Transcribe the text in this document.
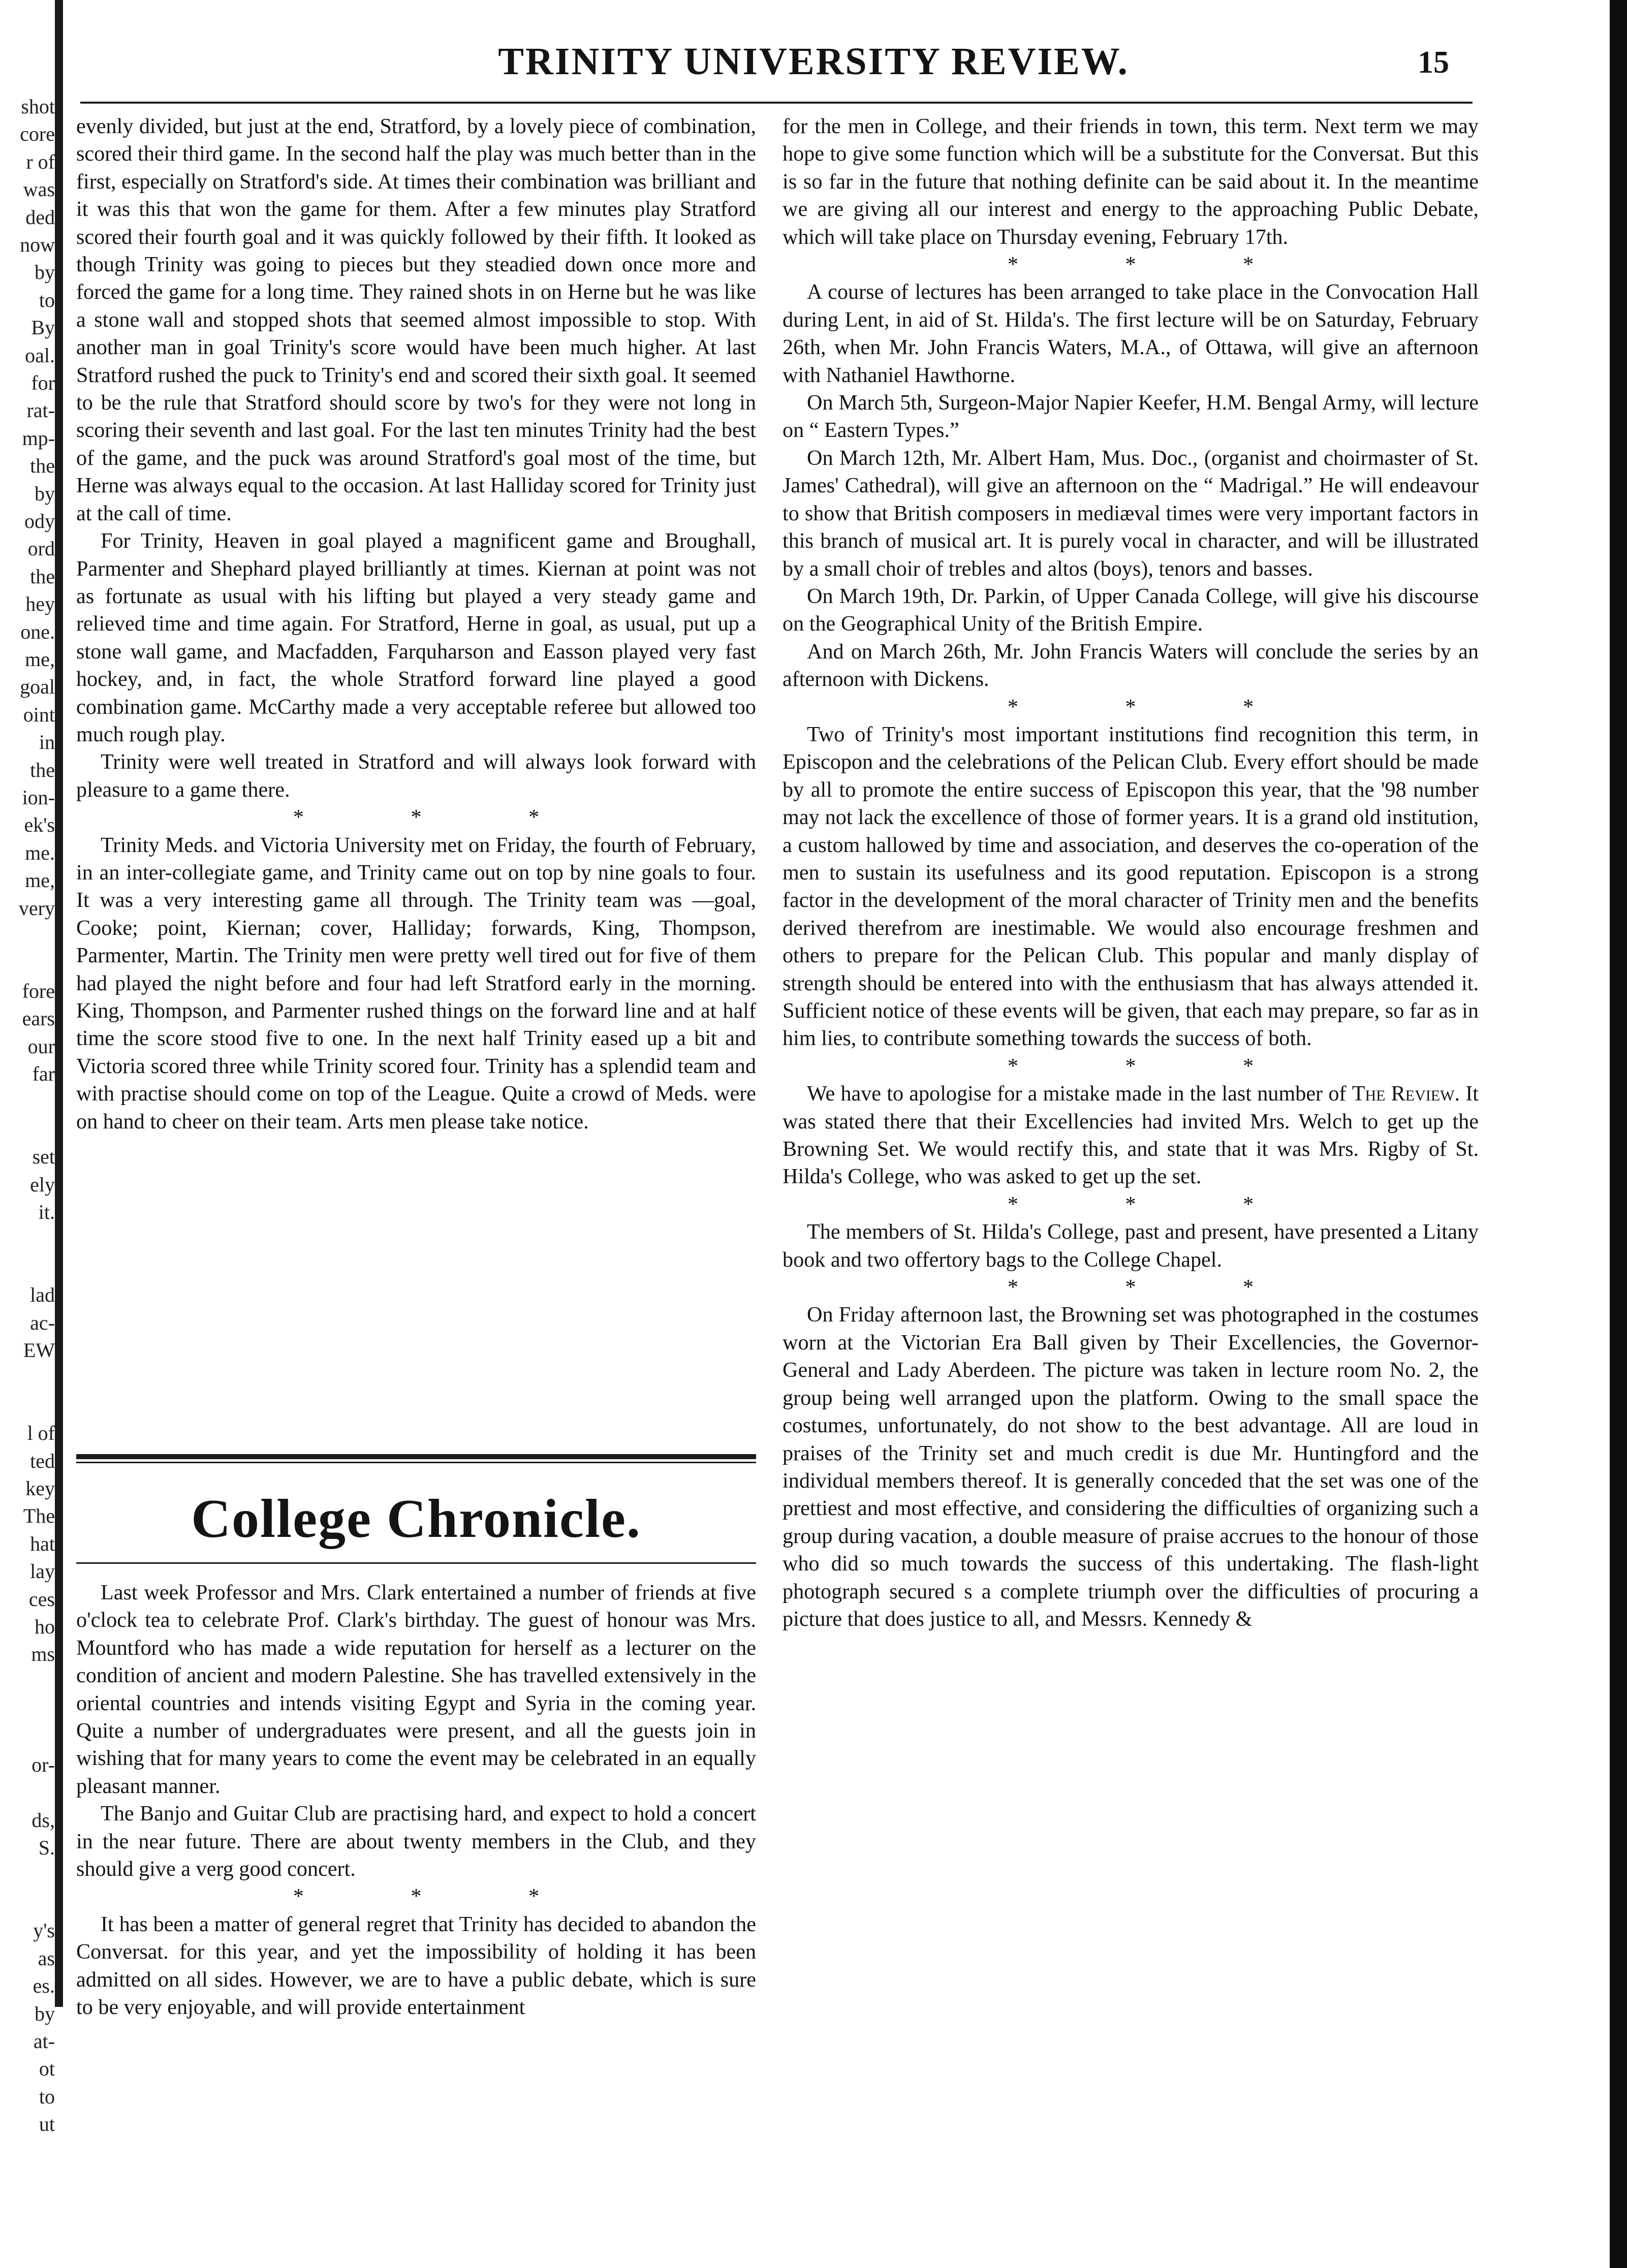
shot
core
r of
was
ded
now
by
to
By
oal.
for
rat-
mp-
the
by
ody
ord
the
hey
one.
me,
goal
oint
in
the
ion-
ek's
me.
me,
very
fore
ears
our
far
set
ely
it.
lad
ac-
EW
l of
ted
key
The
hat
lay
ces
ho
ms
or-
ds,
S.
y's
as
es.
by
at-
ot
to
ut
TRINITY UNIVERSITY REVIEW.	15

evenly divided, but just at the end, Stratford, by a lovely piece of combination, scored their third game. In the second half the play was much better than in the first, especially on Stratford's side. At times their combination was brilliant and it was this that won the game for them. After a few minutes play Stratford scored their fourth goal and it was quickly followed by their fifth. It looked as though Trinity was going to pieces but they steadied down once more and forced the game for a long time. They rained shots in on Herne but he was like a stone wall and stopped shots that seemed almost impossible to stop. With another man in goal Trinity's score would have been much higher. At last Stratford rushed the puck to Trinity's end and scored their sixth goal. It seemed to be the rule that Stratford should score by two's for they were not long in scoring their seventh and last goal. For the last ten minutes Trinity had the best of the game, and the puck was around Stratford's goal most of the time, but Herne was always equal to the occasion. At last Halliday scored for Trinity just at the call of time.

For Trinity, Heaven in goal played a magnificent game and Broughall, Parmenter and Shephard played brilliantly at times. Kiernan at point was not as fortunate as usual with his lifting but played a very steady game and relieved time and time again. For Stratford, Herne in goal, as usual, put up a stone wall game, and Macfadden, Farquharson and Easson played very fast hockey, and, in fact, the whole Stratford forward line played a good combination game. McCarthy made a very acceptable referee but allowed too much rough play.

Trinity were well treated in Stratford and will always look forward with pleasure to a game there.

* * *

Trinity Meds. and Victoria University met on Friday, the fourth of February, in an inter-collegiate game, and Trinity came out on top by nine goals to four. It was a very interesting game all through. The Trinity team was —goal, Cooke; point, Kiernan; cover, Halliday; forwards, King, Thompson, Parmenter, Martin. The Trinity men were pretty well tired out for five of them had played the night before and four had left Stratford early in the morning. King, Thompson, and Parmenter rushed things on the forward line and at half time the score stood five to one. In the next half Trinity eased up a bit and Victoria scored three while Trinity scored four. Trinity has a splendid team and with practise should come on top of the League. Quite a crowd of Meds. were on hand to cheer on their team. Arts men please take notice.

College Chronicle.

Last week Professor and Mrs. Clark entertained a number of friends at five o'clock tea to celebrate Prof. Clark's birthday. The guest of honour was Mrs. Mountford who has made a wide reputation for herself as a lecturer on the condition of ancient and modern Palestine. She has travelled extensively in the oriental countries and intends visiting Egypt and Syria in the coming year. Quite a number of undergraduates were present, and all the guests join in wishing that for many years to come the event may be celebrated in an equally pleasant manner.

The Banjo and Guitar Club are practising hard, and expect to hold a concert in the near future. There are about twenty members in the Club, and they should give a verg good concert.

* * *

It has been a matter of general regret that Trinity has decided to abandon the Conversat. for this year, and yet the impossibility of holding it has been admitted on all sides. However, we are to have a public debate, which is sure to be very enjoyable, and will provide entertainment

for the men in College, and their friends in town, this term. Next term we may hope to give some function which will be a substitute for the Conversat. But this is so far in the future that nothing definite can be said about it. In the meantime we are giving all our interest and energy to the approaching Public Debate, which will take place on Thursday evening, February 17th.

* * *

A course of lectures has been arranged to take place in the Convocation Hall during Lent, in aid of St. Hilda's. The first lecture will be on Saturday, February 26th, when Mr. John Francis Waters, M.A., of Ottawa, will give an afternoon with Nathaniel Hawthorne.

On March 5th, Surgeon-Major Napier Keefer, H.M. Bengal Army, will lecture on “ Eastern Types.”

On March 12th, Mr. Albert Ham, Mus. Doc., (organist and choirmaster of St. James' Cathedral), will give an afternoon on the “ Madrigal.” He will endeavour to show that British composers in mediæval times were very important factors in this branch of musical art. It is purely vocal in character, and will be illustrated by a small choir of trebles and altos (boys), tenors and basses.

On March 19th, Dr. Parkin, of Upper Canada College, will give his discourse on the Geographical Unity of the British Empire.

And on March 26th, Mr. John Francis Waters will conclude the series by an afternoon with Dickens.

* * *

Two of Trinity's most important institutions find recognition this term, in Episcopon and the celebrations of the Pelican Club. Every effort should be made by all to promote the entire success of Episcopon this year, that the '98 number may not lack the excellence of those of former years. It is a grand old institution, a custom hallowed by time and association, and deserves the co-operation of the men to sustain its usefulness and its good reputation. Episcopon is a strong factor in the development of the moral character of Trinity men and the benefits derived therefrom are inestimable. We would also encourage freshmen and others to prepare for the Pelican Club. This popular and manly display of strength should be entered into with the enthusiasm that has always attended it. Sufficient notice of these events will be given, that each may prepare, so far as in him lies, to contribute something towards the success of both.

* * *

We have to apologise for a mistake made in the last number of The Review. It was stated there that their Excellencies had invited Mrs. Welch to get up the Browning Set. We would rectify this, and state that it was Mrs. Rigby of St. Hilda's College, who was asked to get up the set.

* * *

The members of St. Hilda's College, past and present, have presented a Litany book and two offertory bags to the College Chapel.

* * *

On Friday afternoon last, the Browning set was photographed in the costumes worn at the Victorian Era Ball given by Their Excellencies, the Governor-General and Lady Aberdeen. The picture was taken in lecture room No. 2, the group being well arranged upon the platform. Owing to the small space the costumes, unfortunately, do not show to the best advantage. All are loud in praises of the Trinity set and much credit is due Mr. Huntingford and the individual members thereof. It is generally conceded that the set was one of the prettiest and most effective, and considering the difficulties of organizing such a group during vacation, a double measure of praise accrues to the honour of those who did so much towards the success of this undertaking. The flash-light photograph secured s a complete triumph over the difficulties of procuring a picture that does justice to all, and Messrs. Kennedy &
